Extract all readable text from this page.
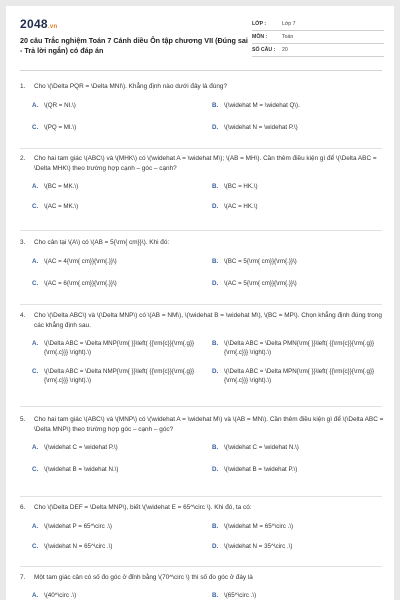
2048.vn
20 câu Trắc nghiệm Toán 7 Cánh diều Ôn tập chương VII (Đúng sai - Trả lời ngắn) có đáp án
LỚP :	Lớp 7
MÔN :	Toán
SỐ CÂU :	20
1.	Cho \(\Delta PQR = \Delta MNI\). Khẳng định nào dưới đây là đúng?
A. \(QR = NI.\)	B. \(\widehat M = \widehat Q\).
C. \(PQ = MI.\)	D. \(\widehat N = \widehat P.\)
2.	Cho hai tam giác \(ABC\) và \(MHK\) có \(\widehat A = \widehat M\); \(AB = MH\). Cần thêm điều kiện gì để \(\Delta ABC = \Delta MHK\) theo trường hợp cạnh – góc – cạnh?
A. \(BC = MK.\)	B. \(BC = HK.\)
C. \(AC = MK.\)	D. \(AC = HK.\)
3.	Cho cân tại \(A\) có \(AB = 5{\rm{ cm}}\). Khi đó:
A. \(AC = 4{\rm{ cm}}{\rm{.}}\)	B. \(BC = 5{\rm{ cm}}{\rm{.}}\)
C. \(AC = 6{\rm{ cm}}{\rm{.}}\)	D. \(AC = 5{\rm{ cm}}{\rm{.}}\)
4.	Cho \(\Delta ABC\) và \(\Delta MNP\) có \(AB = NM\), \(\widehat B = \widehat M\), \(BC = MP\). Chọn khẳng định đúng trong các khẳng định sau.
A. \(\Delta ABC = \Delta MNP{\rm{ }}\left( {{\rm{c}}{\rm{.g}}{\rm{.c}}} \right).\)
B. \(\Delta ABC = \Delta PMN{\rm{ }}\left( {{\rm{c}}{\rm{.g}}{\rm{.c}}} \right).\)
C. \(\Delta ABC = \Delta NMP{\rm{ }}\left( {{\rm{c}}{\rm{.g}}{\rm{.c}}} \right).\)
D. \(\Delta ABC = \Delta MPN{\rm{ }}\left( {{\rm{c}}{\rm{.g}}{\rm{.c}}} \right).\)
5.	Cho hai tam giác \(ABC\) và \(MNP\) có \(\widehat A = \widehat M\) và \(AB = MN\). Cần thêm điều kiện gì để \(\Delta ABC = \Delta MNP\) theo trường hợp góc – cạnh – góc?
A. \(\widehat C = \widehat P.\)	B. \(\widehat C = \widehat N.\)
C. \(\widehat B = \widehat N.\)	D. \(\widehat B = \widehat P.\)
6.	Cho \(\Delta DEF = \Delta MNP\), biết \(\widehat E = 65^\circ \). Khi đó, ta có:
A. \(\widehat P = 65^\circ .\)	B. \(\widehat M = 65^\circ .\)
C. \(\widehat N = 65^\circ .\)	D. \(\widehat N = 35^\circ .\)
7.	Một tam giác cân có số đo góc ở đỉnh bằng \(70^\circ \) thì số đo góc ở đáy là
A. \(40^\circ .\)	B. \(65^\circ .\)
